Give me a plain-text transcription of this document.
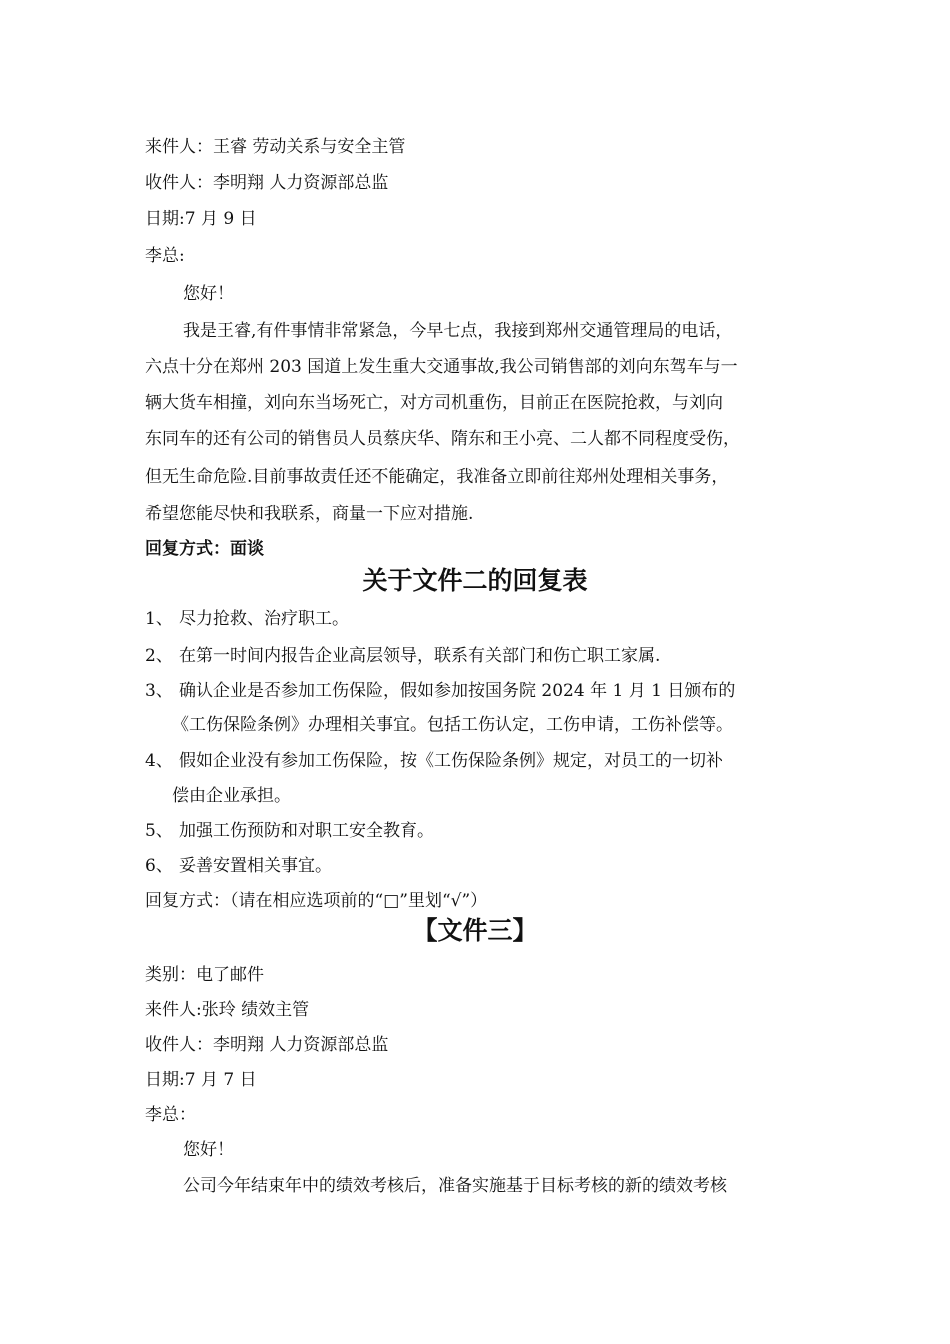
来件人：王睿 劳动关系与安全主管
收件人：李明翔 人力资源部总监
日期:7 月 9 日
李总:
您好！
我是王睿,有件事情非常紧急，今早七点，我接到郑州交通管理局的电话，
六点十分在郑州 203 国道上发生重大交通事故,我公司销售部的刘向东驾车与一
辆大货车相撞，刘向东当场死亡，对方司机重伤，目前正在医院抢救，与刘向
东同车的还有公司的销售员人员蔡庆华、隋东和王小亮、二人都不同程度受伤，
但无生命危险.目前事故责任还不能确定，我准备立即前往郑州处理相关事务，
希望您能尽快和我联系，商量一下应对措施.
回复方式：面谈
关于文件二的回复表
1、 尽力抢救、治疗职工。
2、 在第一时间内报告企业高层领导，联系有关部门和伤亡职工家属.
3、 确认企业是否参加工伤保险，假如参加按国务院 2024 年 1 月 1 日颁布的
《工伤保险条例》办理相关事宜。包括工伤认定，工伤申请，工伤补偿等。
4、 假如企业没有参加工伤保险，按《工伤保险条例》规定，对员工的一切补
偿由企业承担。
5、 加强工伤预防和对职工安全教育。
6、 妥善安置相关事宜。
回复方式：（请在相应选项前的“□”里划“√”）
【文件三】
类别：电了邮件
来件人:张玲 绩效主管
收件人：李明翔 人力资源部总监
日期:7 月 7 日
李总：
您好！
公司今年结束年中的绩效考核后，准备实施基于目标考核的新的绩效考核
